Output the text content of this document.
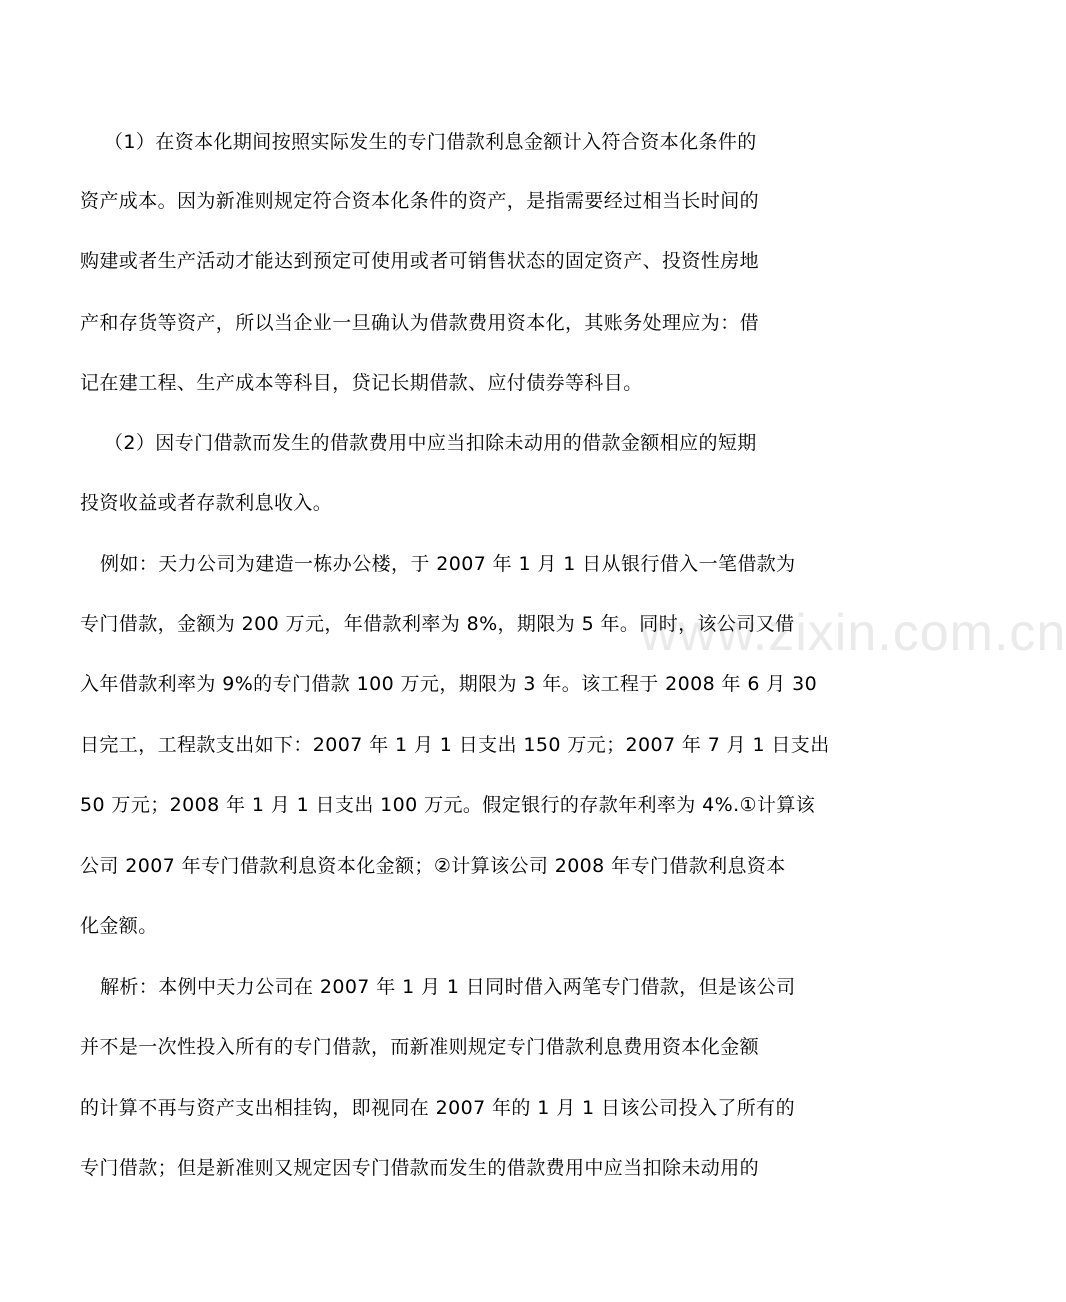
www.zixin.com.cn
（1）在资本化期间按照实际发生的专门借款利息金额计入符合资本化条件的
资产成本。因为新准则规定符合资本化条件的资产，是指需要经过相当长时间的
购建或者生产活动才能达到预定可使用或者可销售状态的固定资产、投资性房地
产和存货等资产，所以当企业一旦确认为借款费用资本化，其账务处理应为：借
记在建工程、生产成本等科目，贷记长期借款、应付债券等科目。
（2）因专门借款而发生的借款费用中应当扣除未动用的借款金额相应的短期
投资收益或者存款利息收入。
例如：天力公司为建造一栋办公楼，于 2007 年 1 月 1 日从银行借入一笔借款为
专门借款，金额为 200 万元，年借款利率为 8%，期限为 5 年。同时，该公司又借
入年借款利率为 9%的专门借款 100 万元，期限为 3 年。该工程于 2008 年 6 月 30
日完工，工程款支出如下：2007 年 1 月 1 日支出 150 万元；2007 年 7 月 1 日支出
50 万元；2008 年 1 月 1 日支出 100 万元。假定银行的存款年利率为 4%.①计算该
公司 2007 年专门借款利息资本化金额；②计算该公司 2008 年专门借款利息资本
化金额。
解析：本例中天力公司在 2007 年 1 月 1 日同时借入两笔专门借款，但是该公司
并不是一次性投入所有的专门借款，而新准则规定专门借款利息费用资本化金额
的计算不再与资产支出相挂钩，即视同在 2007 年的 1 月 1 日该公司投入了所有的
专门借款；但是新准则又规定因专门借款而发生的借款费用中应当扣除未动用的
